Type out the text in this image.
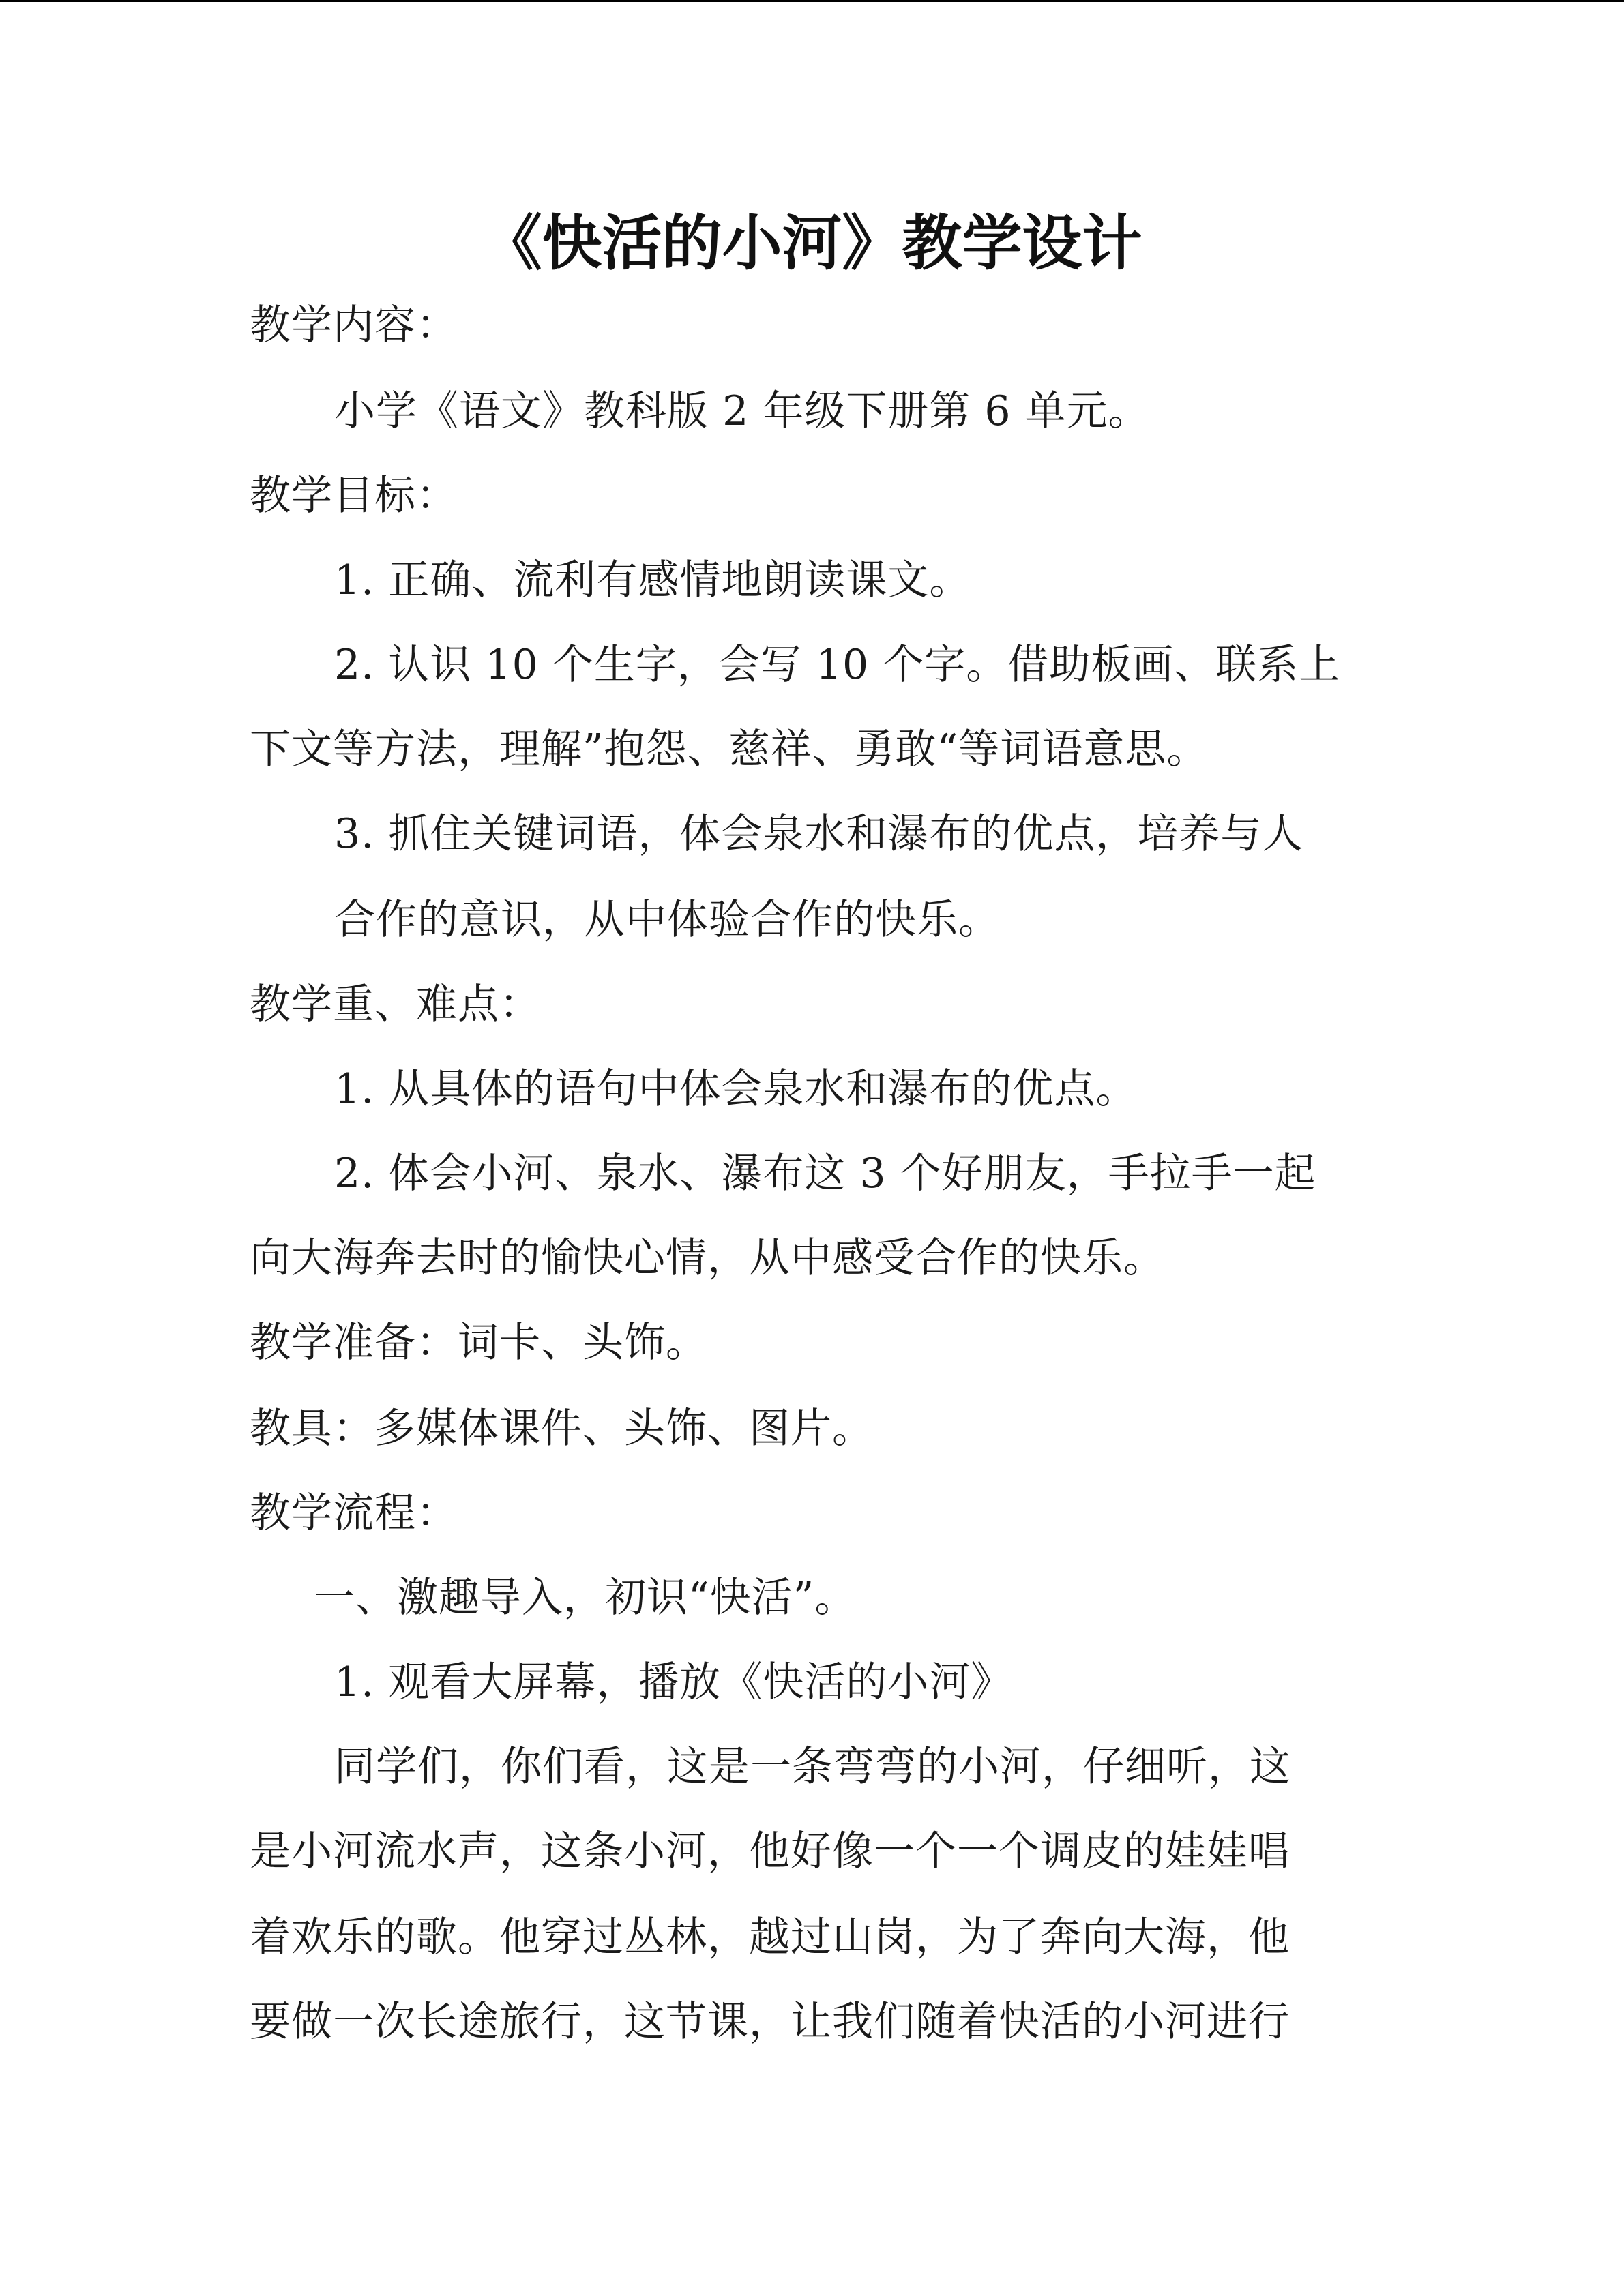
《快活的小河》教学设计

教学内容：

小学《语文》教科版 2 年级下册第 6 单元。

教学目标：

1. 正确、流利有感情地朗读课文。

2. 认识 10 个生字，会写 10 个字。借助板画、联系上

下文等方法，理解”抱怨、慈祥、勇敢“等词语意思。

3. 抓住关键词语，体会泉水和瀑布的优点，培养与人

合作的意识，从中体验合作的快乐。

教学重、难点：

1. 从具体的语句中体会泉水和瀑布的优点。

2. 体会小河、泉水、瀑布这 3 个好朋友，手拉手一起

向大海奔去时的愉快心情，从中感受合作的快乐。

教学准备：词卡、头饰。

教具：多媒体课件、头饰、图片。

教学流程：

一、激趣导入，初识“快活”。

1. 观看大屏幕，播放《快活的小河》

同学们，你们看，这是一条弯弯的小河，仔细听，这

是小河流水声，这条小河，他好像一个一个调皮的娃娃唱

着欢乐的歌。他穿过丛林，越过山岗，为了奔向大海，他

要做一次长途旅行，这节课，让我们随着快活的小河进行
